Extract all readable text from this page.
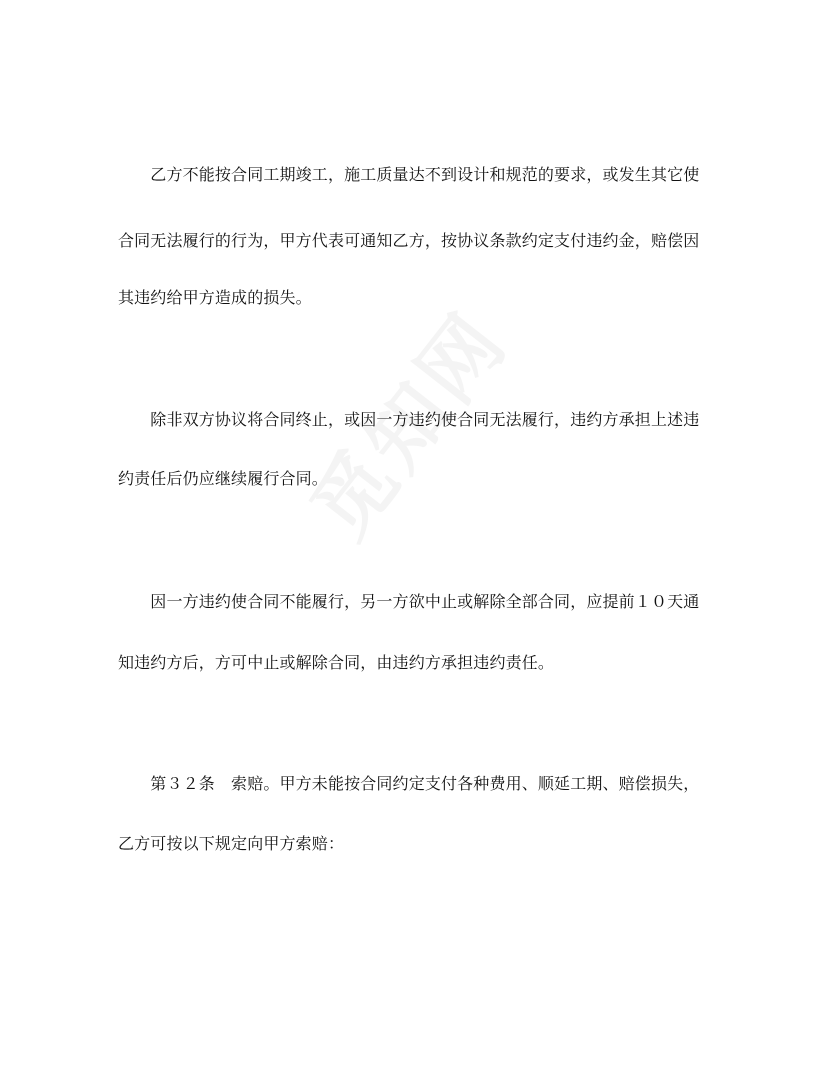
　　乙方不能按合同工期竣工，施工质量达不到设计和规范的要求，或发生其它使
合同无法履行的行为，甲方代表可通知乙方，按协议条款约定支付违约金，赔偿因
其违约给甲方造成的损失。
　　除非双方协议将合同终止，或因一方违约使合同无法履行，违约方承担上述违
约责任后仍应继续履行合同。
　　因一方违约使合同不能履行，另一方欲中止或解除全部合同，应提前１０天通
知违约方后，方可中止或解除合同，由违约方承担违约责任。
　　第３２条　索赔。甲方未能按合同约定支付各种费用、顺延工期、赔偿损失，
乙方可按以下规定向甲方索赔：
